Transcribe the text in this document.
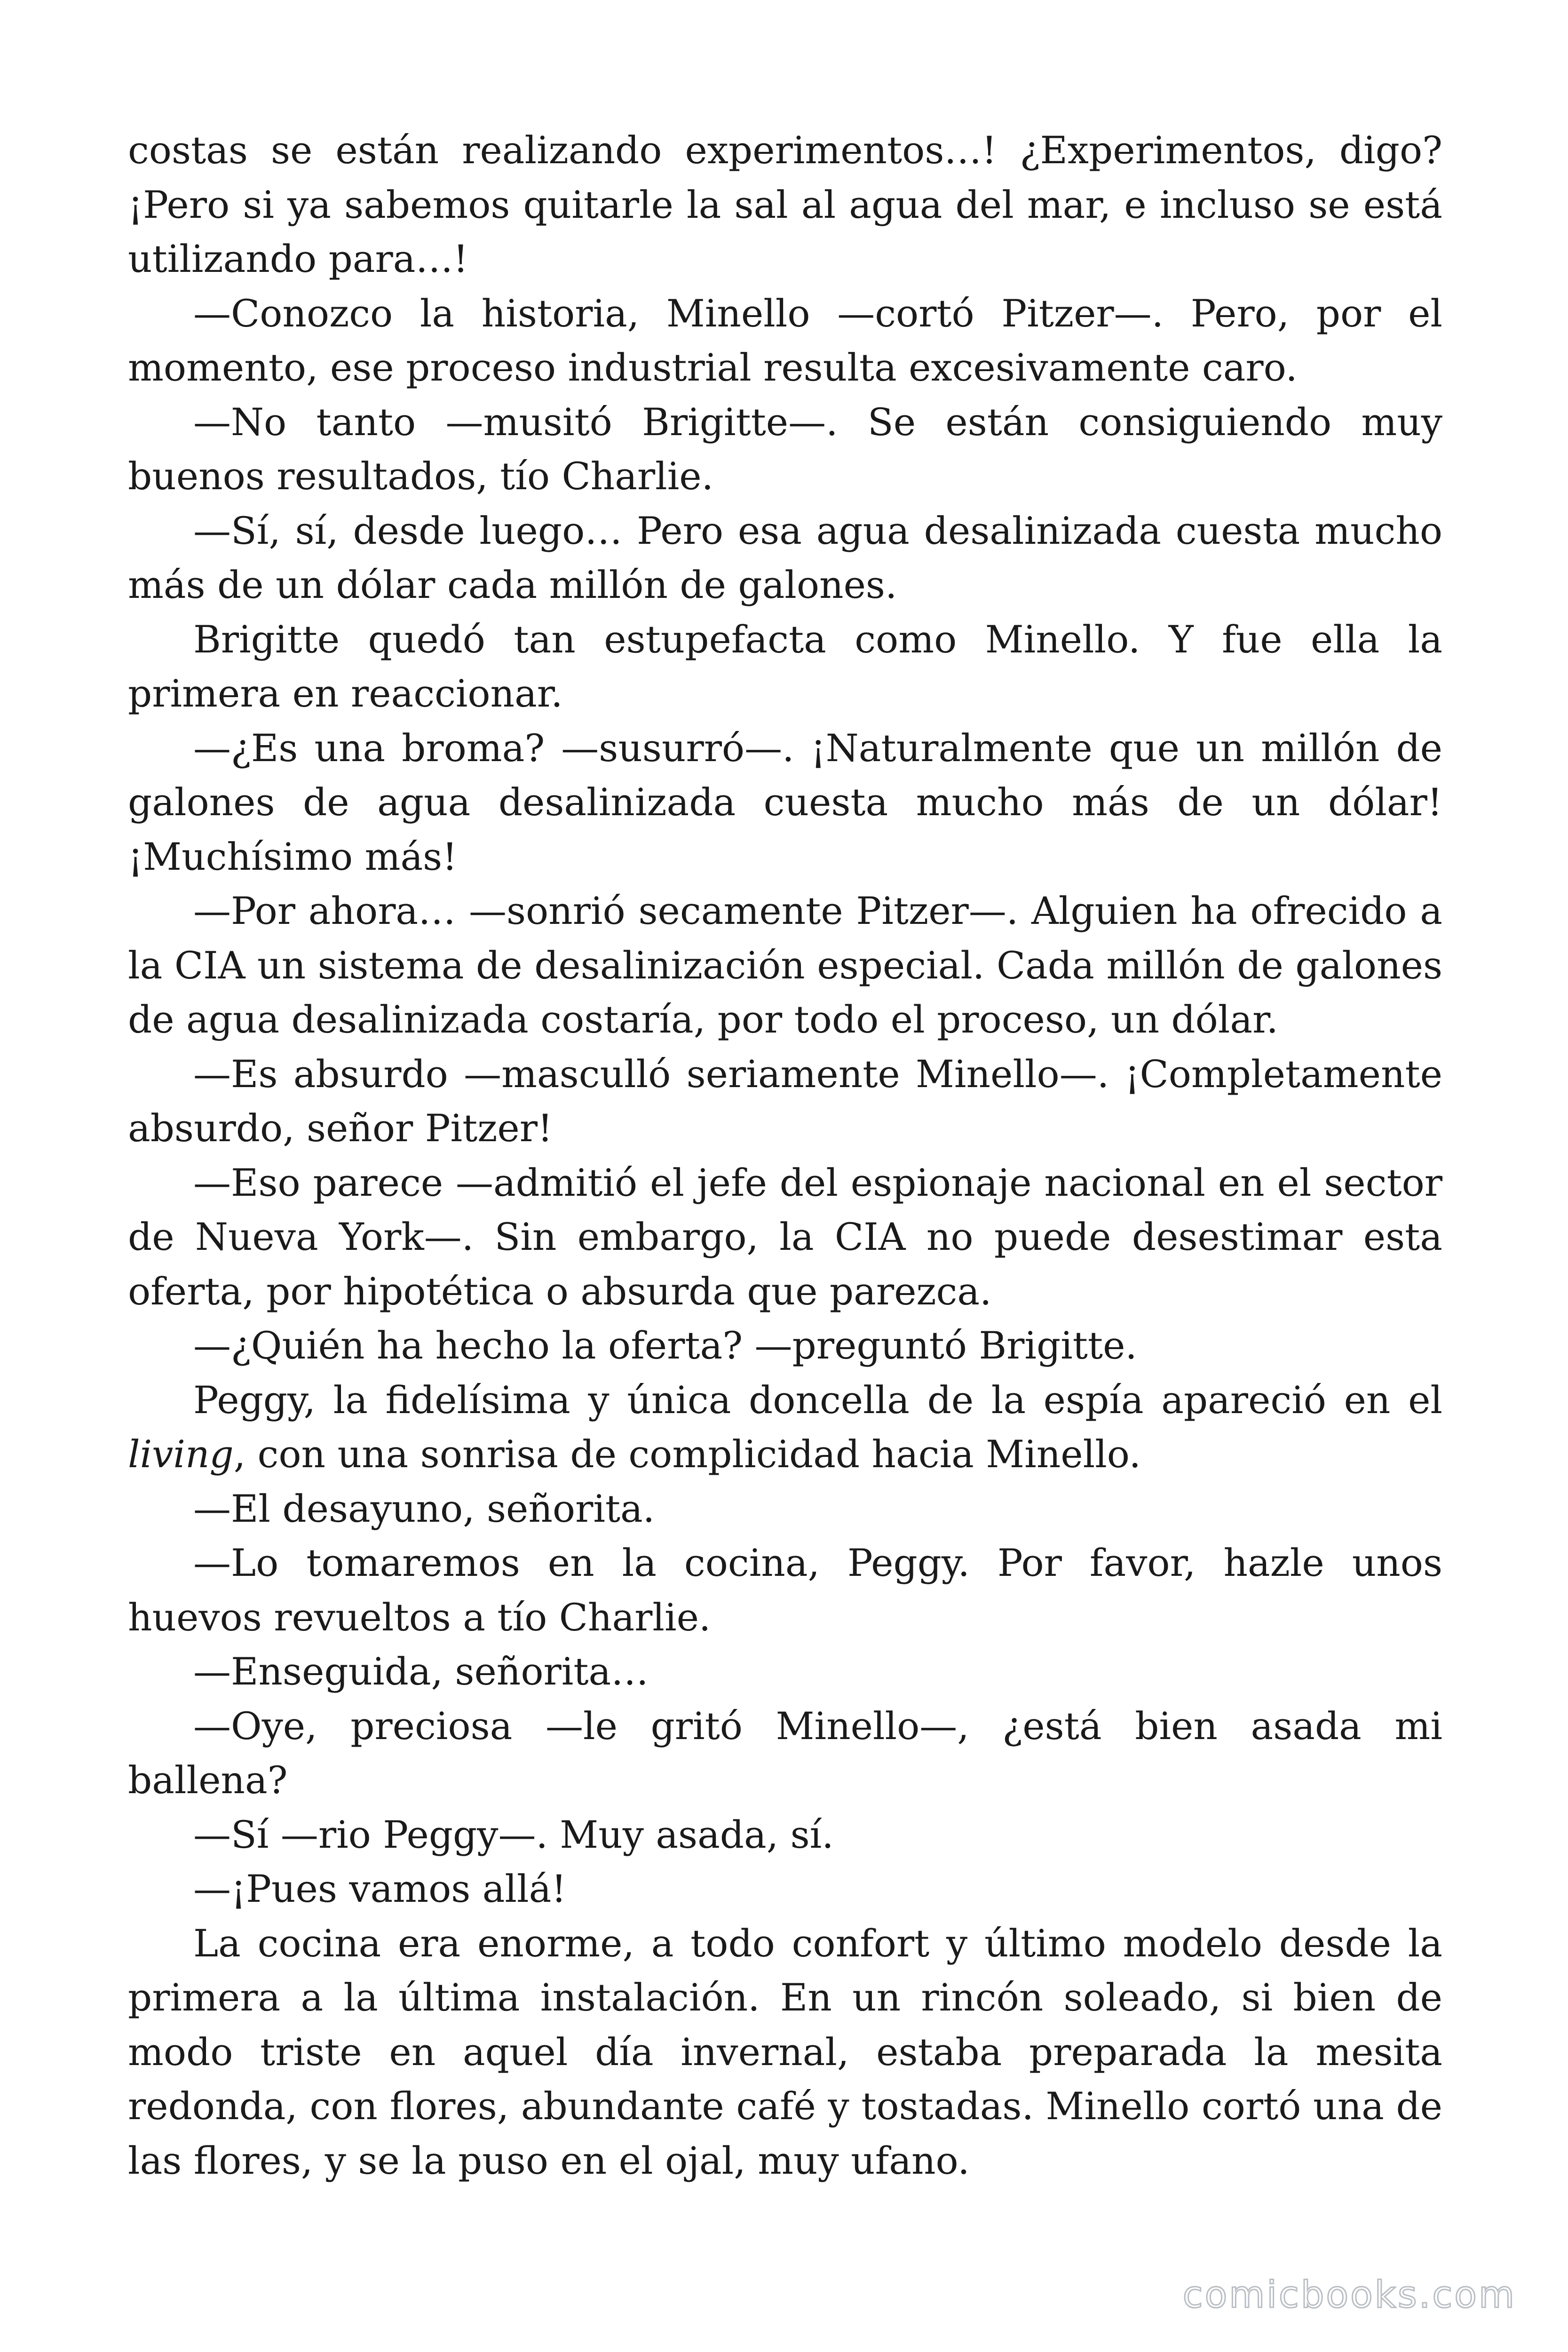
costas se están realizando experimentos…! ¿Experimentos, digo? ¡Pero si ya sabemos quitarle la sal al agua del mar, e incluso se está utilizando para…!

—Conozco la historia, Minello —cortó Pitzer—. Pero, por el momento, ese proceso industrial resulta excesivamente caro.

—No tanto —musitó Brigitte—. Se están consiguiendo muy buenos resultados, tío Charlie.

—Sí, sí, desde luego… Pero esa agua desalinizada cuesta mucho más de un dólar cada millón de galones.

Brigitte quedó tan estupefacta como Minello. Y fue ella la primera en reaccionar.

—¿Es una broma? —susurró—. ¡Naturalmente que un millón de galones de agua desalinizada cuesta mucho más de un dólar! ¡Muchísimo más!

—Por ahora… —sonrió secamente Pitzer—. Alguien ha ofrecido a la CIA un sistema de desalinización especial. Cada millón de galones de agua desalinizada costaría, por todo el proceso, un dólar.

—Es absurdo —masculló seriamente Minello—. ¡Completamente absurdo, señor Pitzer!

—Eso parece —admitió el jefe del espionaje nacional en el sector de Nueva York—. Sin embargo, la CIA no puede desestimar esta oferta, por hipotética o absurda que parezca.

—¿Quién ha hecho la oferta? —preguntó Brigitte.

Peggy, la fidelísima y única doncella de la espía apareció en el living, con una sonrisa de complicidad hacia Minello.

—El desayuno, señorita.

—Lo tomaremos en la cocina, Peggy. Por favor, hazle unos huevos revueltos a tío Charlie.

—Enseguida, señorita…

—Oye, preciosa —le gritó Minello—, ¿está bien asada mi ballena?

—Sí —rio Peggy—. Muy asada, sí.

—¡Pues vamos allá!

La cocina era enorme, a todo confort y último modelo desde la primera a la última instalación. En un rincón soleado, si bien de modo triste en aquel día invernal, estaba preparada la mesita redonda, con flores, abundante café y tostadas. Minello cortó una de las flores, y se la puso en el ojal, muy ufano.

comicbooks.com
